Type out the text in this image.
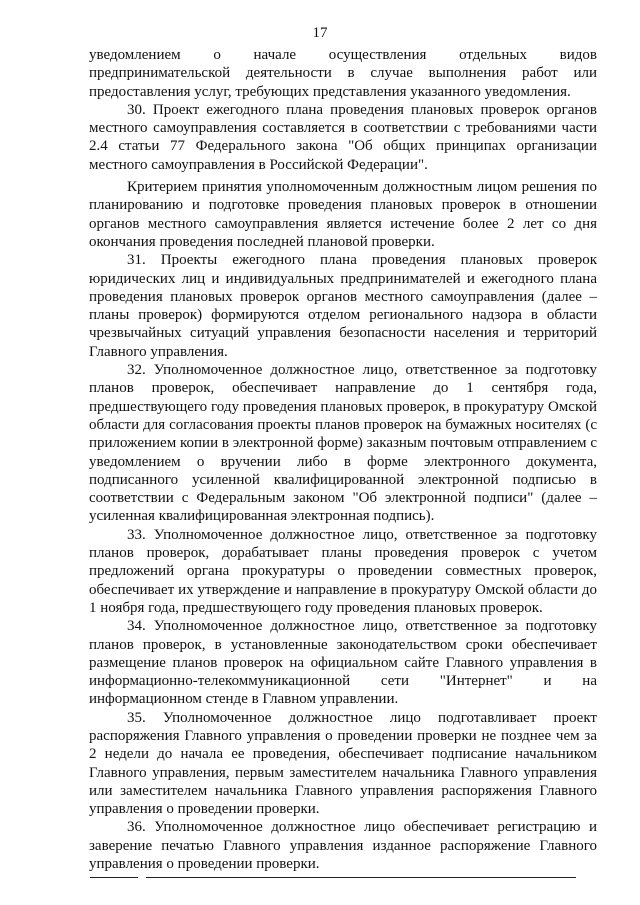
17

уведомлением о начале осуществления отдельных видов предпринимательской деятельности в случае выполнения работ или предоставления услуг, требующих представления указанного уведомления.

30. Проект ежегодного плана проведения плановых проверок органов местного самоуправления составляется в соответствии с требованиями части 2.4 статьи 77 Федерального закона "Об общих принципах организации местного самоуправления в Российской Федерации".

Критерием принятия уполномоченным должностным лицом решения по планированию и подготовке проведения плановых проверок в отношении органов местного самоуправления является истечение более 2 лет со дня окончания проведения последней плановой проверки.

31. Проекты ежегодного плана проведения плановых проверок юридических лиц и индивидуальных предпринимателей и ежегодного плана проведения плановых проверок органов местного самоуправления (далее – планы проверок) формируются отделом регионального надзора в области чрезвычайных ситуаций управления безопасности населения и территорий Главного управления.

32. Уполномоченное должностное лицо, ответственное за подготовку планов проверок, обеспечивает направление до 1 сентября года, предшествующего году проведения плановых проверок, в прокуратуру Омской области для согласования проекты планов проверок на бумажных носителях (с приложением копии в электронной форме) заказным почтовым отправлением с уведомлением о вручении либо в форме электронного документа, подписанного усиленной квалифицированной электронной подписью в соответствии с Федеральным законом "Об электронной подписи" (далее – усиленная квалифицированная электронная подпись).

33. Уполномоченное должностное лицо, ответственное за подготовку планов проверок, дорабатывает планы проведения проверок с учетом предложений органа прокуратуры о проведении совместных проверок, обеспечивает их утверждение и направление в прокуратуру Омской области до 1 ноября года, предшествующего году проведения плановых проверок.

34. Уполномоченное должностное лицо, ответственное за подготовку планов проверок, в установленные законодательством сроки обеспечивает размещение планов проверок на официальном сайте Главного управления в информационно-телекоммуникационной сети "Интернет" и на информационном стенде в Главном управлении.

35. Уполномоченное должностное лицо подготавливает проект распоряжения Главного управления о проведении проверки не позднее чем за 2 недели до начала ее проведения, обеспечивает подписание начальником Главного управления, первым заместителем начальника Главного управления или заместителем начальника Главного управления распоряжения Главного управления о проведении проверки.

36. Уполномоченное должностное лицо обеспечивает регистрацию и заверение печатью Главного управления изданное распоряжение Главного управления о проведении проверки.
